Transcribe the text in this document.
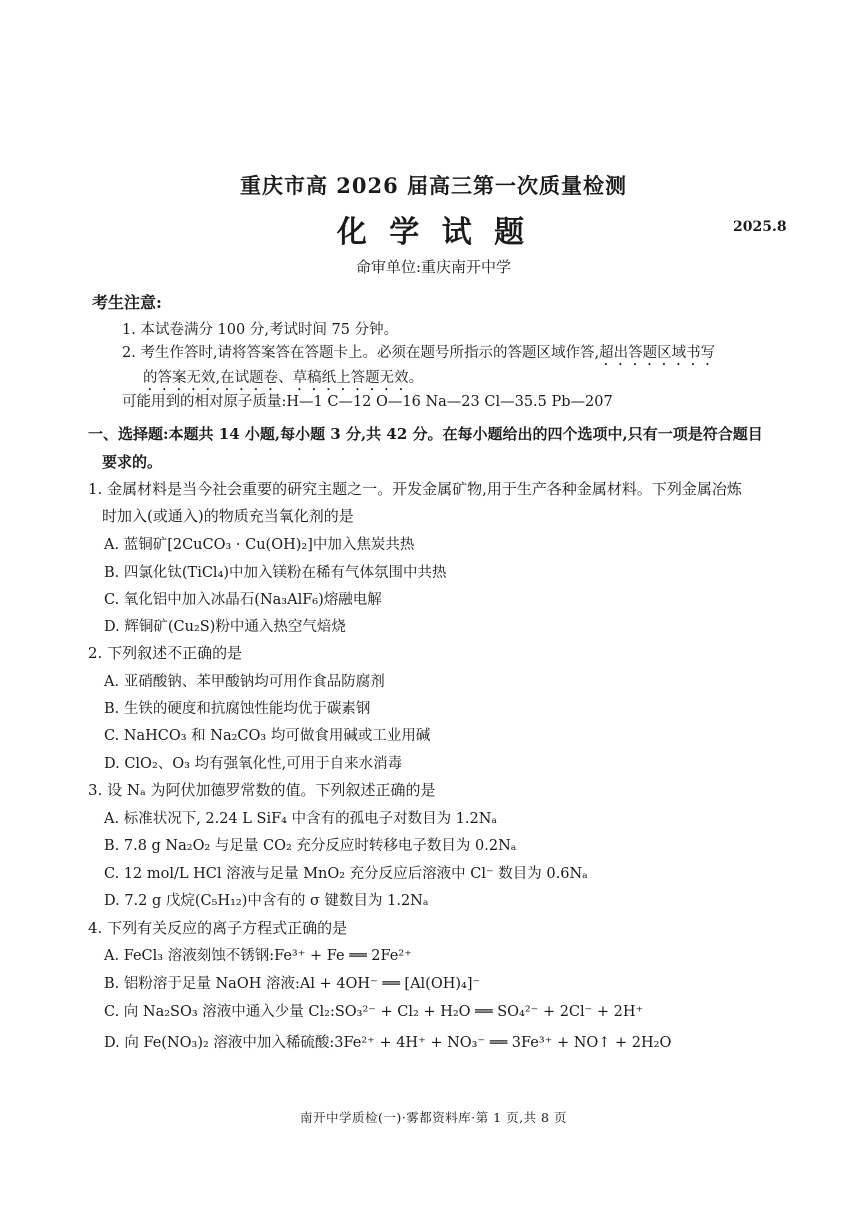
重庆市高 2026 届高三第一次质量检测
化 学 试 题	2025.8
命审单位:重庆南开中学
考生注意:
1. 本试卷满分 100 分,考试时间 75 分钟。
2. 考生作答时,请将答案答在答题卡上。必须在题号所指示的答题区域作答,超出答题区域书写
的答案无效,在试题卷、草稿纸上答题无效。
可能用到的相对原子质量:H—1 C—12 O—16 Na—23 Cl—35.5 Pb—207
一、选择题:本题共 14 小题,每小题 3 分,共 42 分。在每小题给出的四个选项中,只有一项是符合题目
要求的。
1. 金属材料是当今社会重要的研究主题之一。开发金属矿物,用于生产各种金属材料。下列金属冶炼
时加入(或通入)的物质充当氧化剂的是
A. 蓝铜矿[2CuCO₃ · Cu(OH)₂]中加入焦炭共热
B. 四氯化钛(TiCl₄)中加入镁粉在稀有气体氛围中共热
C. 氧化铝中加入冰晶石(Na₃AlF₆)熔融电解
D. 辉铜矿(Cu₂S)粉中通入热空气焙烧
2. 下列叙述不正确的是
A. 亚硝酸钠、苯甲酸钠均可用作食品防腐剂
B. 生铁的硬度和抗腐蚀性能均优于碳素钢
C. NaHCO₃ 和 Na₂CO₃ 均可做食用碱或工业用碱
D. ClO₂、O₃ 均有强氧化性,可用于自来水消毒
3. 设 Nₐ 为阿伏加德罗常数的值。下列叙述正确的是
A. 标准状况下, 2.24 L SiF₄ 中含有的孤电子对数目为 1.2Nₐ
B. 7.8 g Na₂O₂ 与足量 CO₂ 充分反应时转移电子数目为 0.2Nₐ
C. 12 mol/L HCl 溶液与足量 MnO₂ 充分反应后溶液中 Cl⁻ 数目为 0.6Nₐ
D. 7.2 g 戊烷(C₅H₁₂)中含有的 σ 键数目为 1.2Nₐ
4. 下列有关反应的离子方程式正确的是
A. FeCl₃ 溶液刻蚀不锈钢:Fe³⁺ + Fe ══ 2Fe²⁺
B. 铝粉溶于足量 NaOH 溶液:Al + 4OH⁻ ══ [Al(OH)₄]⁻
C. 向 Na₂SO₃ 溶液中通入少量 Cl₂:SO₃²⁻ + Cl₂ + H₂O ══ SO₄²⁻ + 2Cl⁻ + 2H⁺
D. 向 Fe(NO₃)₂ 溶液中加入稀硫酸:3Fe²⁺ + 4H⁺ + NO₃⁻ ══ 3Fe³⁺ + NO↑ + 2H₂O
南开中学质检(一)·雾都资料库·第 1 页,共 8 页
